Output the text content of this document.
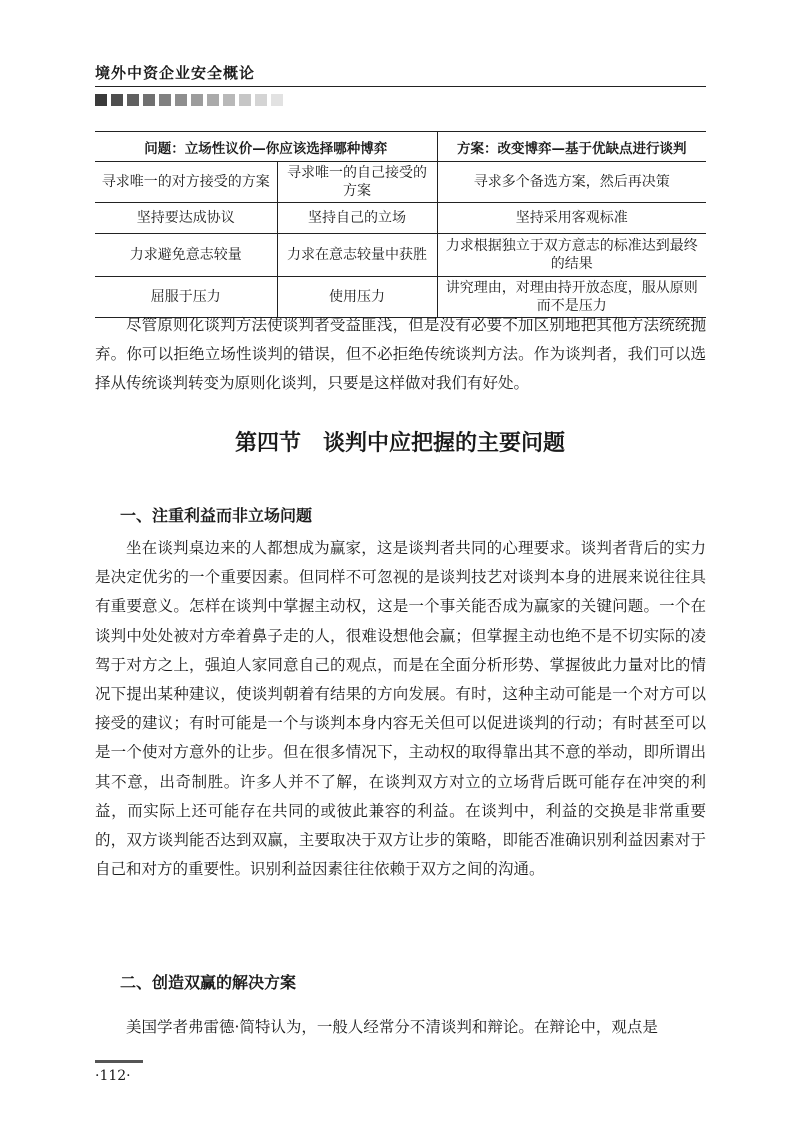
境外中资企业安全概论
问题：立场性议价—你应该选择哪种博弈		方案：改变博弈—基于优缺点进行谈判
寻求唯一的对方接受的方案	寻求唯一的自己接受的方案	寻求多个备选方案，然后再决策
坚持要达成协议	坚持自己的立场	坚持采用客观标准
力求避免意志较量	力求在意志较量中获胜	力求根据独立于双方意志的标准达到最终的结果
屈服于压力	使用压力	讲究理由，对理由持开放态度，服从原则而不是压力

尽管原则化谈判方法使谈判者受益匪浅，但是没有必要不加区别地把其他方法统统抛弃。你可以拒绝立场性谈判的错误，但不必拒绝传统谈判方法。作为谈判者，我们可以选择从传统谈判转变为原则化谈判，只要是这样做对我们有好处。

第四节　谈判中应把握的主要问题
一、注重利益而非立场问题

坐在谈判桌边来的人都想成为赢家，这是谈判者共同的心理要求。谈判者背后的实力是决定优劣的一个重要因素。但同样不可忽视的是谈判技艺对谈判本身的进展来说往往具有重要意义。怎样在谈判中掌握主动权，这是一个事关能否成为赢家的关键问题。一个在谈判中处处被对方牵着鼻子走的人，很难设想他会赢；但掌握主动也绝不是不切实际的凌驾于对方之上，强迫人家同意自己的观点，而是在全面分析形势、掌握彼此力量对比的情况下提出某种建议，使谈判朝着有结果的方向发展。有时，这种主动可能是一个对方可以接受的建议；有时可能是一个与谈判本身内容无关但可以促进谈判的行动；有时甚至可以是一个使对方意外的让步。但在很多情况下，主动权的取得靠出其不意的举动，即所谓出其不意，出奇制胜。许多人并不了解，在谈判双方对立的立场背后既可能存在冲突的利益，而实际上还可能存在共同的或彼此兼容的利益。在谈判中，利益的交换是非常重要的，双方谈判能否达到双赢，主要取决于双方让步的策略，即能否准确识别利益因素对于自己和对方的重要性。识别利益因素往往依赖于双方之间的沟通。

二、创造双赢的解决方案

美国学者弗雷德·简特认为，一般人经常分不清谈判和辩论。在辩论中，观点是

·112·
